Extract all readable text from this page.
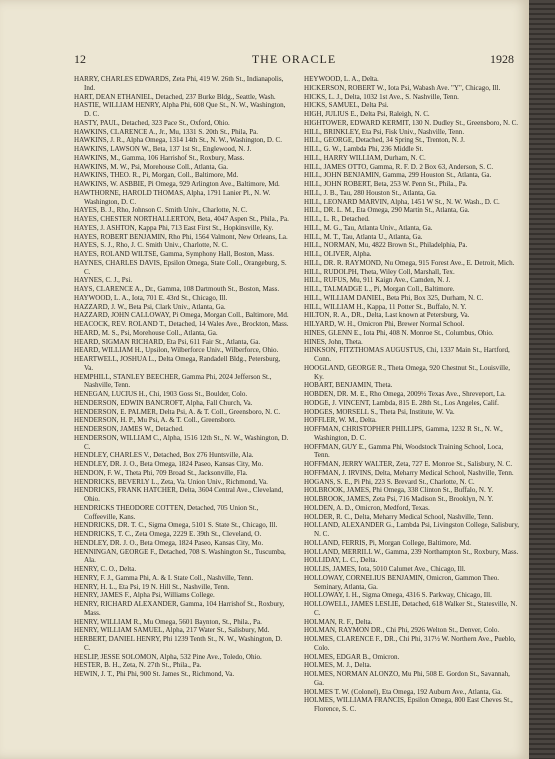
12	THE ORACLE	1928
HARRY, CHARLES EDWARDS, Zeta Phi, 419 W. 26th St., Indianapolis, Ind.
HART, DEAN ETHANIEL, Detached, 237 Burke Bldg., Seattle, Wash.
HASTIE, WILLIAM HENRY, Alpha Phi, 608 Que St., N. W., Washington, D. C.
HASTY, PAUL, Detached, 323 Pace St., Oxford, Ohio.
HAWKINS, CLARENCE A., Jr., Mu, 1331 S. 20th St., Phila, Pa.
HAWKINS, J. R., Alpha Omega, 1314 14th St., N. W., Washington, D. C.
HAWKINS, LAWSON W., Beta, 137 1st St., Englewood, N. J.
HAWKINS, M., Gamma, 106 Harrishof St., Roxbury, Mass.
HAWKINS, M. W., Psi, Morehouse Coll., Atlanta, Ga.
HAWKINS, THEO. R., Pi, Morgan, Coll., Baltimore, Md.
HAWKINS, W. ASBBIE, Pi Omega, 929 Arlington Ave., Baltimore, Md.
HAWTHORNE, HAROLD THOMAS, Alpha, 1791 Lanier Pl., N. W. Washington, D. C.
HAYES, B. J., Rho, Johnson C. Smith Univ., Charlotte, N. C.
HAYES, CHESTER NORTHALLERTON, Beta, 4047 Aspen St., Phila., Pa.
HAYES, J. ASHTON, Kappa Phi, 713 East First St., Hopkinsville, Ky.
HAYES, ROBERT BENJAMIN, Rho Phi, 1564 Valmont, New Orleans, La.
HAYES, S. J., Rho, J. C. Smith Univ., Charlotte, N. C.
HAYES, ROLAND WILTSE, Gamma, Symphony Hall, Boston, Mass.
HAYNES, CHARLES DAVIS, Epsilon Omega, State Coll., Orangeburg, S. C.
HAYNES, C. J., Psi.
HAYS, CLARENCE A., Dr., Gamma, 108 Dartmouth St., Boston, Mass.
HAYWOOD, L. A., Iota, 701 E. 43rd St., Chicago, Ill.
HAZZARD, J. W., Beta Psi, Clark Univ., Atlanta, Ga.
HAZZARD, JOHN CALLOWAY, Pi Omega, Morgan Coll., Baltimore, Md.
HEACOCK, REV. ROLAND T., Detached, 14 Wales Ave., Brockton, Mass.
HEARD, M. S., Psi, Morehouse Coll., Atlanta, Ga.
HEARD, SIGMAN RICHARD, Eta Psi, 611 Fair St., Atlanta, Ga.
HEARD, WILLIAM H., Upsilon, Wilberforce Univ., Wilberforce, Ohio.
HEARTWELL, JOSHUA L., Delta Omega, Randadell Bldg., Petersburg, Va.
HEMPHILL, STANLEY BEECHER, Gamma Phi, 2024 Jefferson St., Nashville, Tenn.
HENEGAN, LUCIUS H., Chi, 1903 Goss St., Boulder, Colo.
HENDERSON, EDWIN BANCROFT, Alpha, Fall Church, Va.
HENDERSON, E. PALMER, Delta Psi, A. & T. Coll., Greensboro, N. C.
HENDERSON, H. P., Mu Psi, A. & T. Coll., Greensboro.
HENDERSON, JAMES W., Detached.
HENDERSON, WILLIAM C., Alpha, 1516 12th St., N. W., Washington, D. C.
HENDLEY, CHARLES V., Detached, Box 276 Huntsville, Ala.
HENDLEY, DR. J. O., Beta Omega, 1824 Paseo, Kansas City, Mo.
HENDON, F. W., Theta Phi, 709 Broad St., Jacksonville, Fla.
HENDRICKS, BEVERLY L., Zeta, Va. Union Univ., Richmond, Va.
HENDRICKS, FRANK HATCHER, Delta, 3604 Central Ave., Cleveland, Ohio.
HENDRICKS THEODORE COTTEN, Detached, 705 Union St., Coffeeville, Kans.
HENDRICKS, DR. T. C., Sigma Omega, 5101 S. State St., Chicago, Ill.
HENDRICKS, T. C., Zeta Omega, 2229 E. 39th St., Cleveland, O.
HENDLEY, DR. J. O., Beta Omega, 1824 Paseo, Kansas City, Mo.
HENNINGAN, GEORGE F., Detached, 708 S. Washington St., Tuscumba, Ala.
HENRY, C. O., Delta.
HENRY, F. J., Gamma Phi, A. & I. State Coll., Nashville, Tenn.
HENRY, H. L., Eta Psi, 19 N. Hill St., Nashville, Tenn.
HENRY, JAMES F., Alpha Psi, Williams College.
HENRY, RICHARD ALEXANDER, Gamma, 104 Harrishof St., Roxbury, Mass.
HENRY, WILLIAM R., Mu Omega, 5601 Baynton, St., Phila., Pa.
HENRY, WILLIAM SAMUEL, Alpha, 217 Water St., Salisbury, Md.
HERBERT, DANIEL HENRY, Phi 1239 Tenth St., N. W., Washington, D. C.
HESLIP, JESSE SOLOMON, Alpha, 532 Pine Ave., Toledo, Ohio.
HESTER, B. H., Zeta, N. 27th St., Phila., Pa.
HEWIN, J. T., Phi Phi, 900 St. James St., Richmond, Va.
HEYWOOD, L. A., Delta.
HICKERSON, ROBERT W., Iota Psi, Wabash Ave. "Y", Chicago, Ill.
HICKS, L. J., Delta, 1032 1st Ave., S. Nashville, Tenn.
HICKS, SAMUEL, Delta Psi.
HIGH, JULIUS E., Delta Psi, Raleigh, N. C.
HIGHTOWER, EDWARD KERMIT, 130 N. Dudley St., Greensboro, N. C.
HILL, BRINKLEY, Eta Psi, Fisk Univ., Nashville, Tenn.
HILL, GEORGE, Detached, 34 Spring St., Trenton, N. J.
HILL, G. W., Lambda Phi, 236 Middle St.
HILL, HARRY WILLIAM, Durham, N. C.
HILL, JAMES OTTO, Gamma, R. F. D. 2 Box 63, Anderson, S. C.
HILL, JOHN BENJAMIN, Gamma, 299 Houston St., Atlanta, Ga.
HILL, JOHN ROBERT, Beta, 253 W. Penn St., Phila., Pa.
HILL, J. B., Tau, 280 Houston St., Atlanta, Ga.
HILL, LEONARD MARVIN, Alpha, 1451 W St., N. W. Wash., D. C.
HILL, DR. L. M., Eta Omega, 290 Martin St., Atlanta, Ga.
HILL, L. R., Detached.
HILL, M. G., Tau, Atlanta Univ., Atlanta, Ga.
HILL, M. T., Tau, Atlanta U., Atlanta, Ga.
HILL, NORMAN, Mu, 4822 Brown St., Philadelphia, Pa.
HILL, OLIVER, Alpha.
HILL, DR. R. RAYMOND, Nu Omega, 915 Forest Ave., E. Detroit, Mich.
HILL, RUDOLPH, Theta, Wiley Coll, Marshall, Tex.
HILL, RUFUS, Mu, 911 Kaign Ave., Camden, N. J.
HILL, TALMADGE L., Pi, Morgan Coll., Baltimore.
HILL, WILLIAM DANIEL, Beta Phi, Box 325, Durham, N. C.
HILL, WILLIAM H., Kappa, 11 Potter St., Buffalo, N. Y.
HILTON, R. A., DR., Delta, Last known at Petersburg, Va.
HILYARD, W. H., Omicron Phi, Brewer Normal School.
HINES, GLENN E., Iota Phi, 408 N. Monroe St., Columbus, Ohio.
HINES, John, Theta.
HINKSON, FITZTHOMAS AUGUSTUS, Chi, 1337 Main St., Hartford, Conn.
HOOGLAND, GEORGE R., Theta Omega, 920 Chestnut St., Louisville, Ky.
HOBART, BENJAMIN, Theta.
HOBDEN, DR. M. E., Rho Omega, 2009½ Texas Ave., Shreveport, La.
HODGE, J. VINCENT, Lambda, 815 E. 28th St., Los Angeles, Calif.
HODGES, MORSELL S., Theta Psi, Institute, W. Va.
HOFFLER, W. M., Delta.
HOFFMAN, CHRISTOPHER PHILLIPS, Gamma, 1232 R St., N. W., Washington, D. C.
HOFFMAN, GUY E., Gamma Phi, Woodstock Training School, Loca, Tenn.
HOFFMAN, JERRY WALTER, Zeta, 727 E. Monroe St., Salisbury, N. C.
HOFFMAN, J. IRVINS, Delta, Meharry Medical School, Nashville, Tenn.
HOGANS, S. E., Pi Phi, 223 S. Brevard St., Charlotte, N. C.
HOLBROOK, JAMES, Phi Omega, 338 Clinton St., Buffalo, N. Y.
HOLBROOK, JAMES, Zeta Psi, 716 Madison St., Brooklyn, N. Y.
HOLDEN, A. D., Omicron, Medford, Texas.
HOLDER, R. C., Delta, Meharry Medical School, Nashville, Tenn.
HOLLAND, ALEXANDER G., Lambda Psi, Livingston College, Salisbury, N. C.
HOLLAND, FERRIS, Pi, Morgan College, Baltimore, Md.
HOLLAND, MERRILL W., Gamma, 239 Northampton St., Roxbury, Mass.
HOLLIDAY, L. C., Delta.
HOLLIS, JAMES, Iota, 5010 Calumet Ave., Chicago, Ill.
HOLLOWAY, CORNELIUS BENJAMIN, Omicron, Gammon Theo. Seminary, Atlanta, Ga.
HOLLOWAY, I. H., Sigma Omega, 4316 S. Parkway, Chicago, Ill.
HOLLOWELL, JAMES LESLIE, Detached, 618 Walker St., Statesville, N. C.
HOLMAN, R. F., Delta.
HOLMAN, RAYMON DR., Chi Phi, 2926 Welton St., Denver, Colo.
HOLMES, CLARENCE F., DR., Chi Phi, 317½ W. Northern Ave., Pueblo, Colo.
HOLMES, EDGAR B., Omicron.
HOLMES, M. J., Delta.
HOLMES, NORMAN ALONZO, Mu Phi, 508 E. Gordon St., Savannah, Ga.
HOLMES T. W. (Colonel), Eta Omega, 192 Auburn Ave., Atlanta, Ga.
HOLMES, WILLIAMA FRANCIS, Epsilon Omega, 800 East Cheves St., Florence, S. C.
